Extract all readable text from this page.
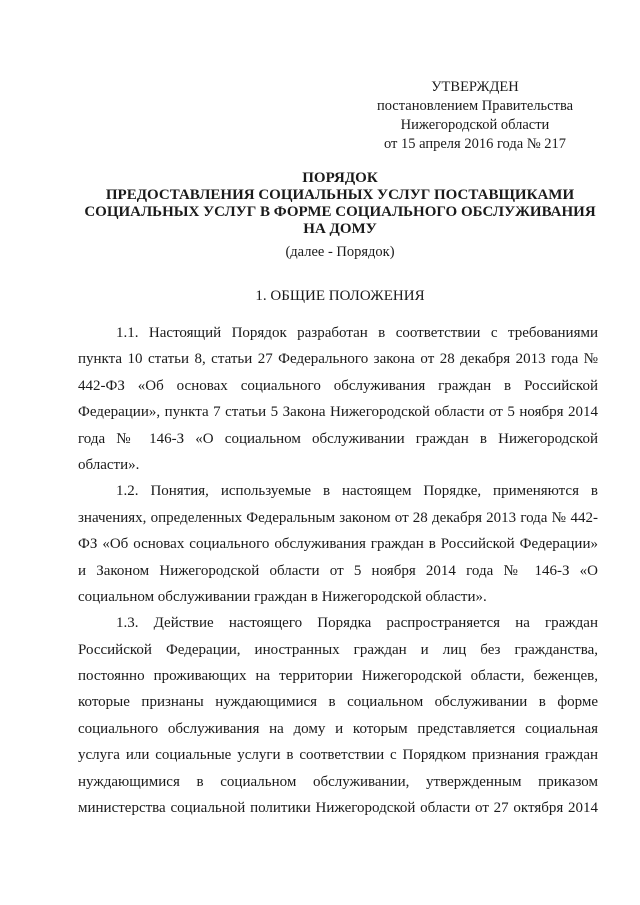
УТВЕРЖДЕН
постановлением Правительства
Нижегородской области
от 15 апреля 2016 года № 217
ПОРЯДОК
ПРЕДОСТАВЛЕНИЯ СОЦИАЛЬНЫХ УСЛУГ ПОСТАВЩИКАМИ
СОЦИАЛЬНЫХ УСЛУГ В ФОРМЕ СОЦИАЛЬНОГО ОБСЛУЖИВАНИЯ
НА ДОМУ
(далее - Порядок)
1. ОБЩИЕ ПОЛОЖЕНИЯ
1.1. Настоящий Порядок разработан в соответствии с требованиями
пункта 10 статьи 8, статьи 27 Федерального закона от 28 декабря 2013 года №
442-ФЗ «Об основах социального обслуживания граждан в Российской
Федерации», пункта 7 статьи 5 Закона Нижегородской области от 5 ноября 2014
года № 146-З «О социальном обслуживании граждан в Нижегородской
области».
1.2. Понятия, используемые в настоящем Порядке, применяются в
значениях, определенных Федеральным законом от 28 декабря 2013 года № 442-
ФЗ «Об основах социального обслуживания граждан в Российской Федерации»
и Законом Нижегородской области от 5 ноября 2014 года № 146-З «О
социальном обслуживании граждан в Нижегородской области».
1.3. Действие настоящего Порядка распространяется на граждан
Российской Федерации, иностранных граждан и лиц без гражданства,
постоянно проживающих на территории Нижегородской области, беженцев,
которые признаны нуждающимися в социальном обслуживании в форме
социального обслуживания на дому и которым представляется социальная
услуга или социальные услуги в соответствии с Порядком признания граждан
нуждающимися в социальном обслуживании, утвержденным приказом
министерства социальной политики Нижегородской области от 27 октября 2014
